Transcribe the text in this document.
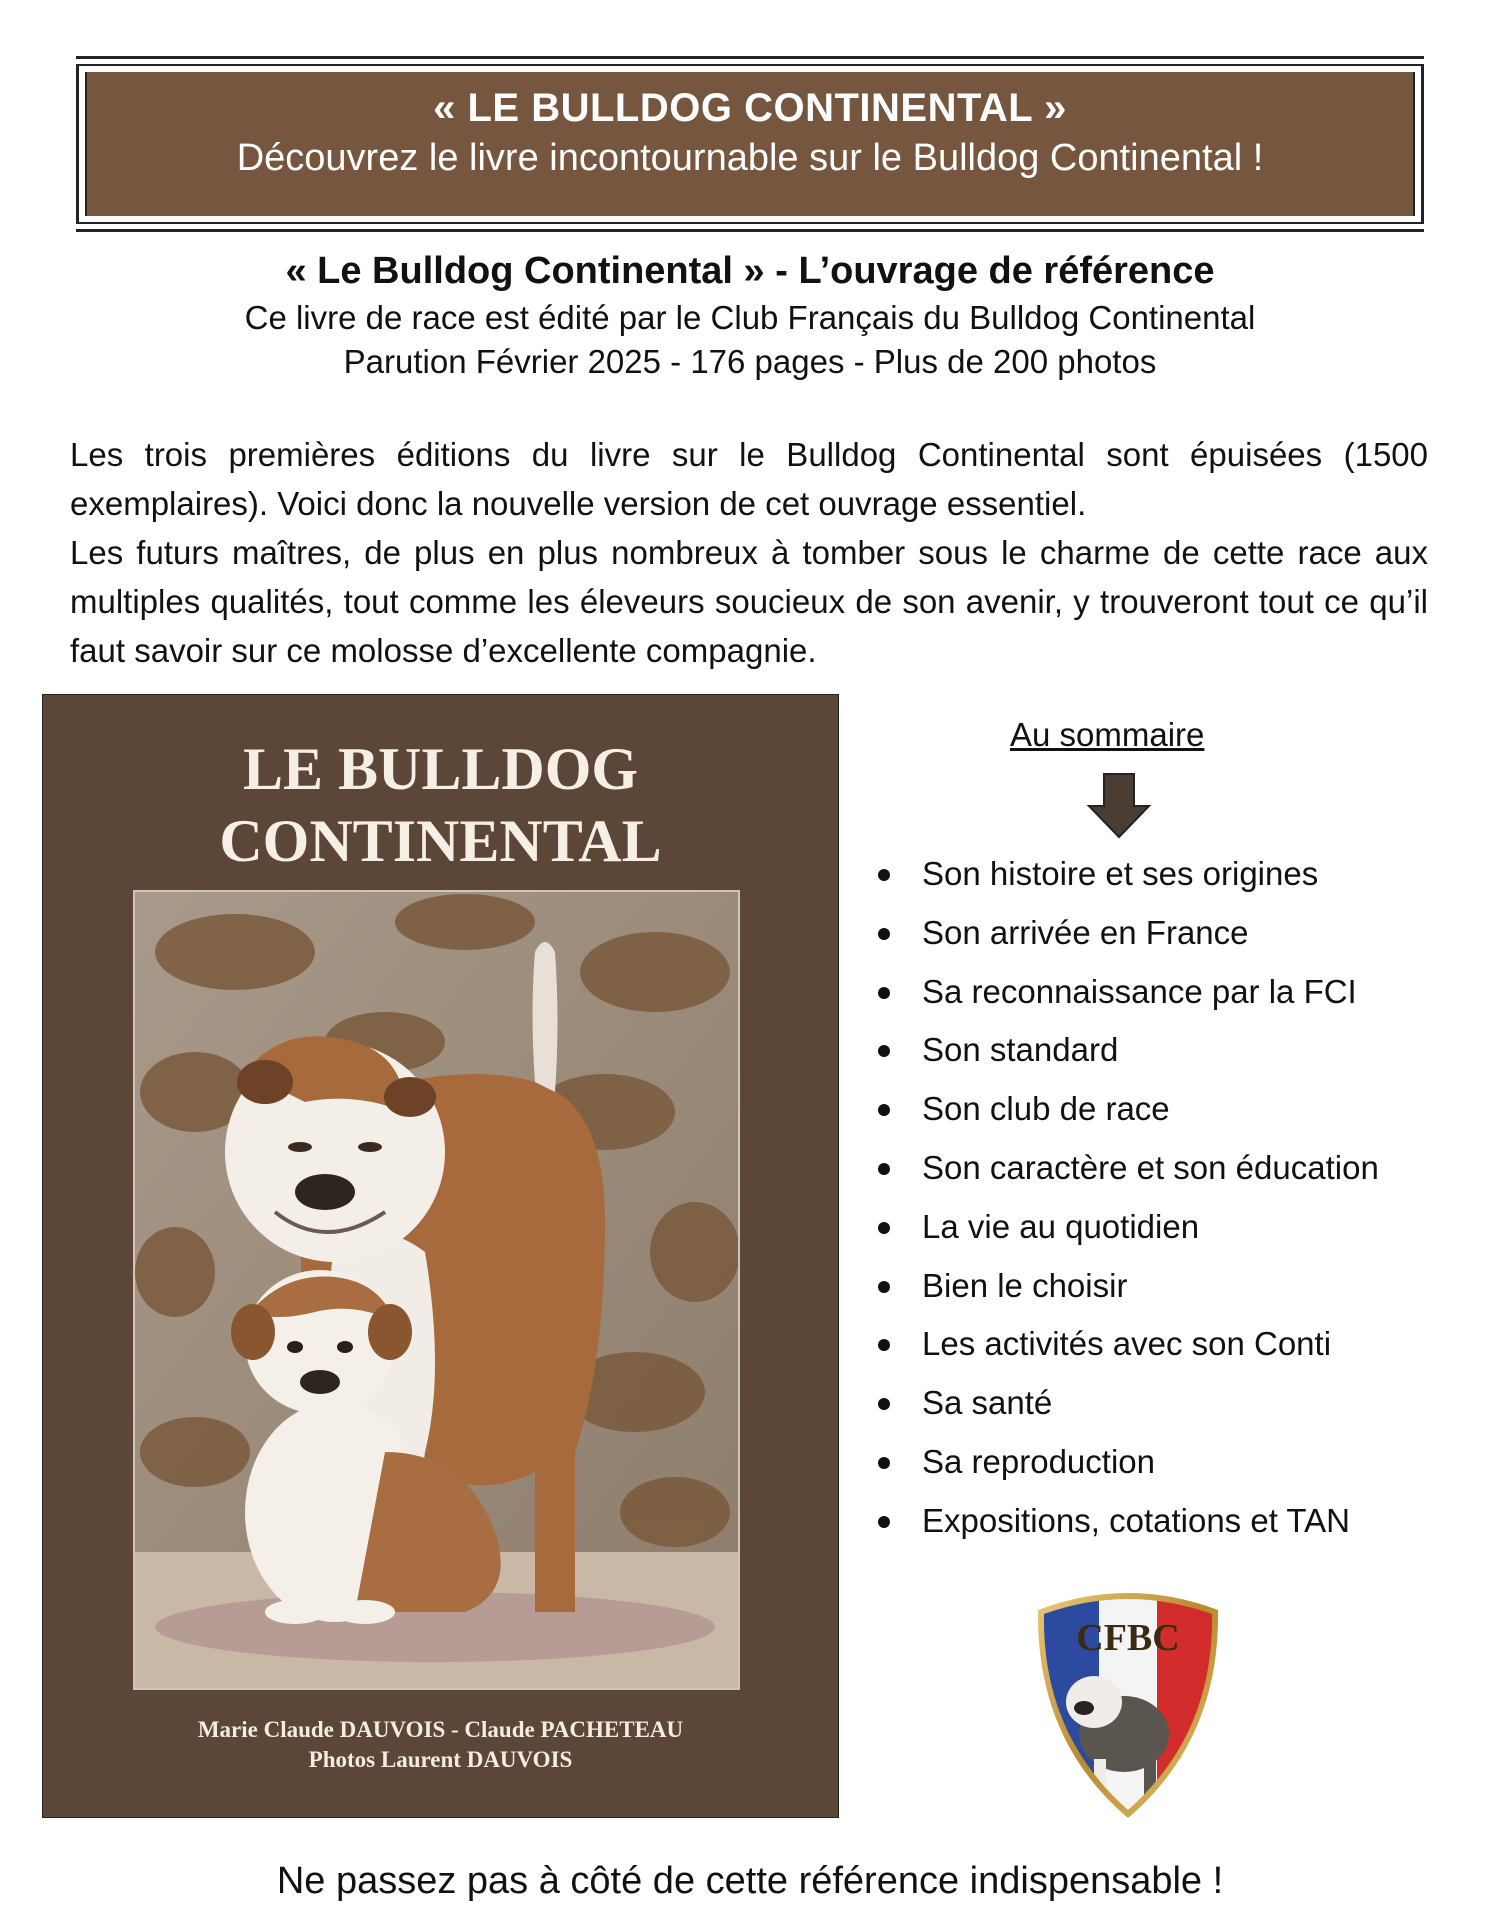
« LE BULLDOG CONTINENTAL »
Découvrez le livre incontournable sur le Bulldog Continental !
« Le Bulldog Continental » - L’ouvrage de référence
Ce livre de race est édité par le Club Français du Bulldog Continental
Parution Février 2025 - 176 pages - Plus de 200 photos

Les trois premières éditions du livre sur le Bulldog Continental sont épuisées (1500 exemplaires). Voici donc la nouvelle version de cet ouvrage essentiel.

Les futurs maîtres, de plus en plus nombreux à tomber sous le charme de cette race aux multiples qualités, tout comme les éleveurs soucieux de son avenir, y trouveront tout ce qu’il faut savoir sur ce molosse d’excellente compagnie.

LE BULLDOG
CONTINENTAL
Marie Claude DAUVOIS - Claude PACHETEAU
Photos Laurent DAUVOIS
Au sommaire
Son histoire et ses origines
Son arrivée en France
Sa reconnaissance par la FCI
Son standard
Son club de race
Son caractère et son éducation
La vie au quotidien
Bien le choisir
Les activités avec son Conti
Sa santé
Sa reproduction
Expositions, cotations et TAN
CFBC
Ne passez pas à côté de cette référence indispensable !
